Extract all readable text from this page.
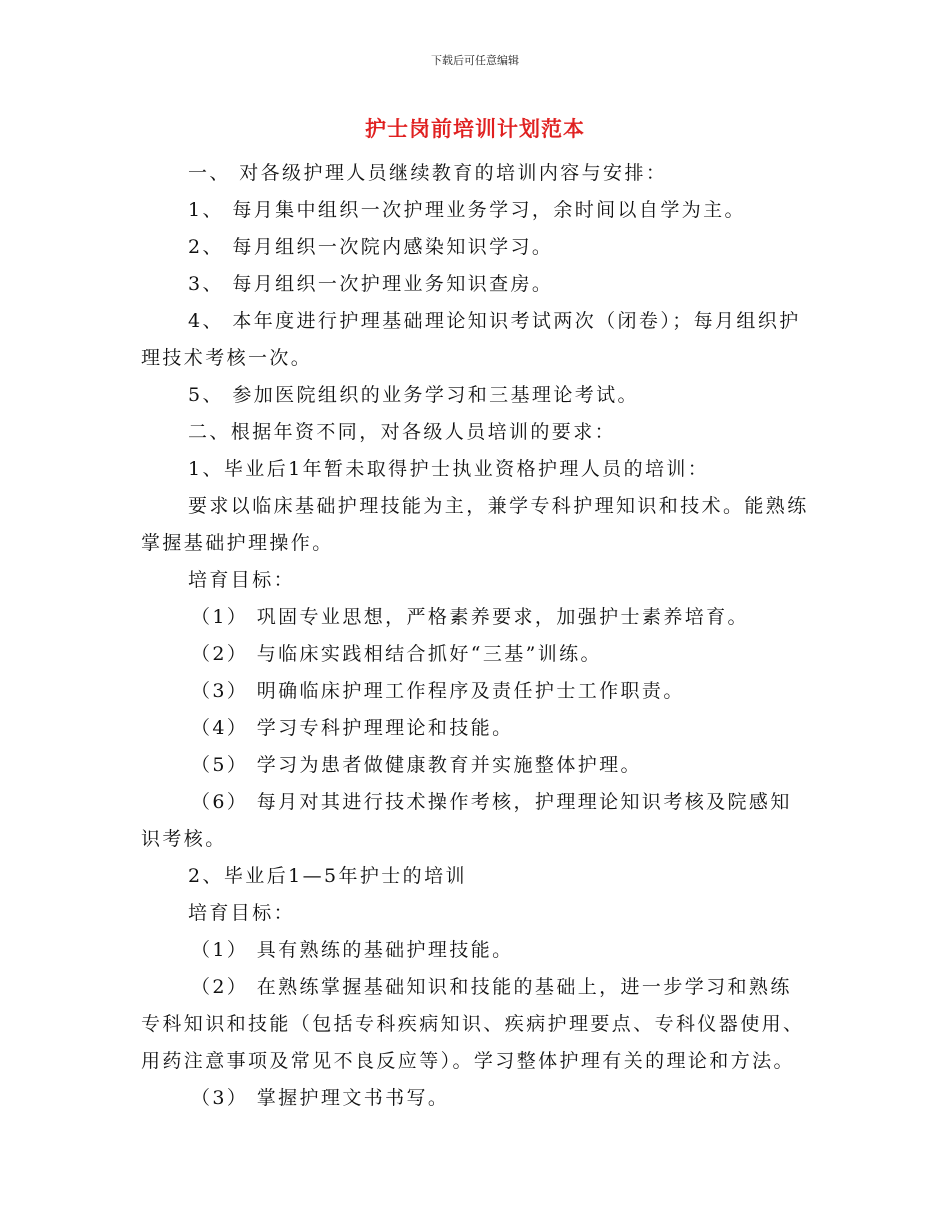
下载后可任意编辑
护士岗前培训计划范本

一、 对各级护理人员继续教育的培训内容与安排：

1、 每月集中组织一次护理业务学习，余时间以自学为主。

2、 每月组织一次院内感染知识学习。

3、 每月组织一次护理业务知识查房。

4、 本年度进行护理基础理论知识考试两次（闭卷）；每月组织护理技术考核一次。

5、 参加医院组织的业务学习和三基理论考试。

二、根据年资不同，对各级人员培训的要求：

1、毕业后1年暂未取得护士执业资格护理人员的培训：

要求以临床基础护理技能为主，兼学专科护理知识和技术。能熟练掌握基础护理操作。

培育目标：

（1） 巩固专业思想，严格素养要求，加强护士素养培育。

（2） 与临床实践相结合抓好“三基”训练。

（3） 明确临床护理工作程序及责任护士工作职责。

（4） 学习专科护理理论和技能。

（5） 学习为患者做健康教育并实施整体护理。

（6） 每月对其进行技术操作考核，护理理论知识考核及院感知识考核。

2、毕业后1—5年护士的培训

培育目标：

（1） 具有熟练的基础护理技能。

（2） 在熟练掌握基础知识和技能的基础上，进一步学习和熟练专科知识和技能（包括专科疾病知识、疾病护理要点、专科仪器使用、用药注意事项及常见不良反应等）。学习整体护理有关的理论和方法。

（3） 掌握护理文书书写。
